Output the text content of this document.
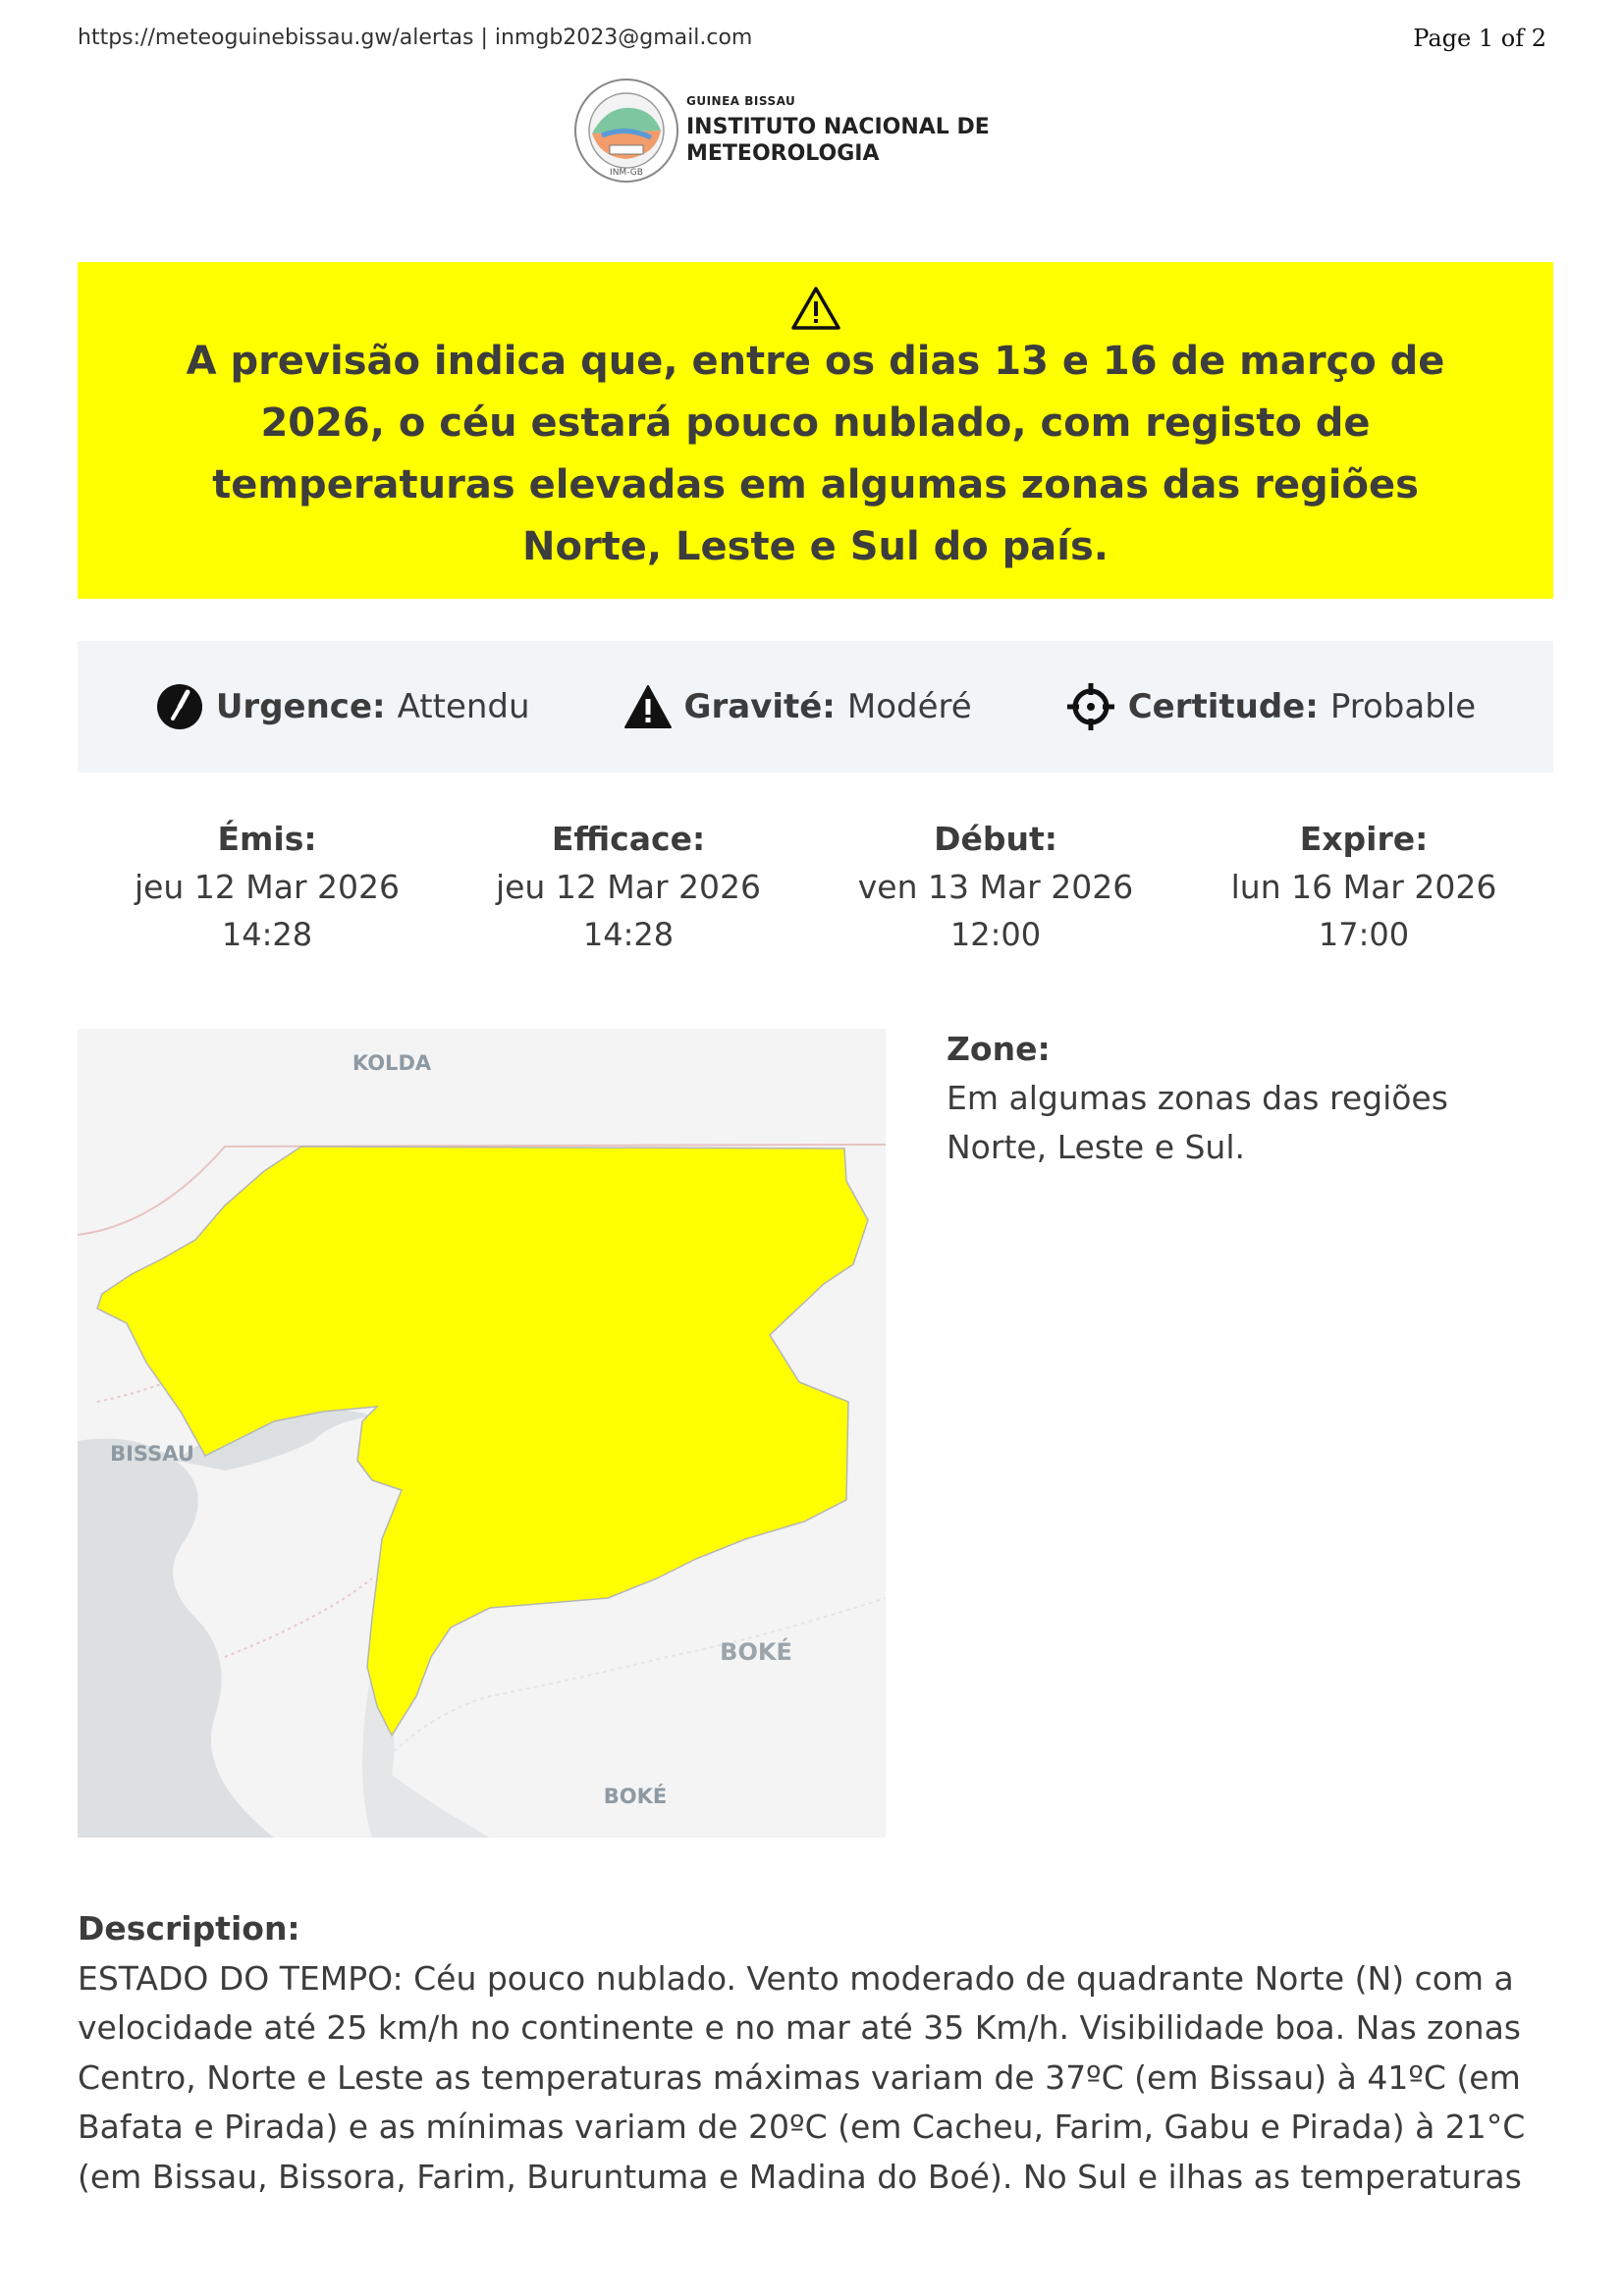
https://meteoguinebissau.gw/alertas | inmgb2023@gmail.com	Page 1 of 2
INM-GB
GUINEA BISSAU
INSTITUTO NACIONAL DE
METEOROLOGIA
A previsão indica que, entre os dias 13 e 16 de março de
2026, o céu estará pouco nublado, com registo de
temperaturas elevadas em algumas zonas das regiões
Norte, Leste e Sul do país.
Urgence: Attendu	Gravité: Modéré	Certitude: Probable
Émis:
jeu 12 Mar 2026
14:28
Efficace:
jeu 12 Mar 2026
14:28
Début:
ven 13 Mar 2026
12:00
Expire:
lun 16 Mar 2026
17:00
KOLDA
BISSAU
BOKÉ
BOKÉ
Zone:
Em algumas zonas das regiões
Norte, Leste e Sul.
Description:
ESTADO DO TEMPO: Céu pouco nublado. Vento moderado de quadrante Norte (N) com a
velocidade até 25 km/h no continente e no mar até 35 Km/h. Visibilidade boa. Nas zonas
Centro, Norte e Leste as temperaturas máximas variam de 37ºC (em Bissau) à 41ºC (em
Bafata e Pirada) e as mínimas variam de 20ºC (em Cacheu, Farim, Gabu e Pirada) à 21°C
(em Bissau, Bissora, Farim, Buruntuma e Madina do Boé). No Sul e ilhas as temperaturas
